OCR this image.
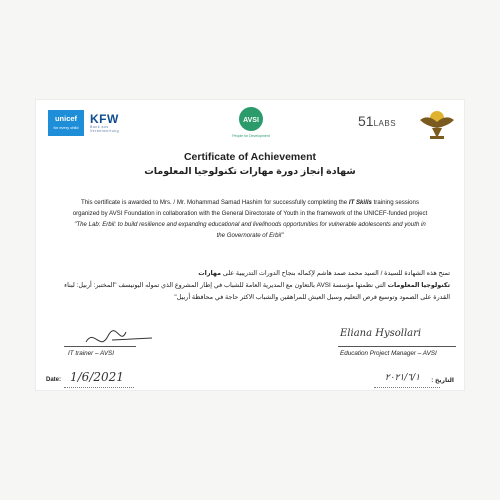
unicef
for every child
KFW
Bank aus Verantwortung
AVSI
People for Development
51LABS
Certificate of Achievement
شهادة إنجاز دورة مهارات تكنولوجيا المعلومات
This certificate is awarded to Mrs. / Mr. Mohammad Samad Hashim for successfully completing the IT Skills training sessions
organized by AVSI Foundation in collaboration with the General Directorate of Youth in the framework of the UNICEF-funded project
"The Lab: Erbil: to build resilience and expanding educational and livelihoods opportunities for vulnerable adolescents and youth in
the Governorate of Erbil"
تمنح هذه الشهادة للسيدة / السيد محمد صمد هاشم لإكماله بنجاح الدورات التدريبية على مهارات
تكنولوجيا المعلومات التي نظمتها مؤسسة AVSI بالتعاون مع المديرية العامة للشباب في إطار المشروع الذي تموله اليونيسف "المختبر: أربيل: لبناء
القدرة على الصمود وتوسيع فرص التعليم وسبل العيش للمراهقين والشباب الاكثر حاجة في محافظة أربيل"
Eliana Hysollari
IT trainer – AVSI	Education Project Manager – AVSI
Date: 1/6/2021	التاريخ :
٢٠٢١/٦/١
